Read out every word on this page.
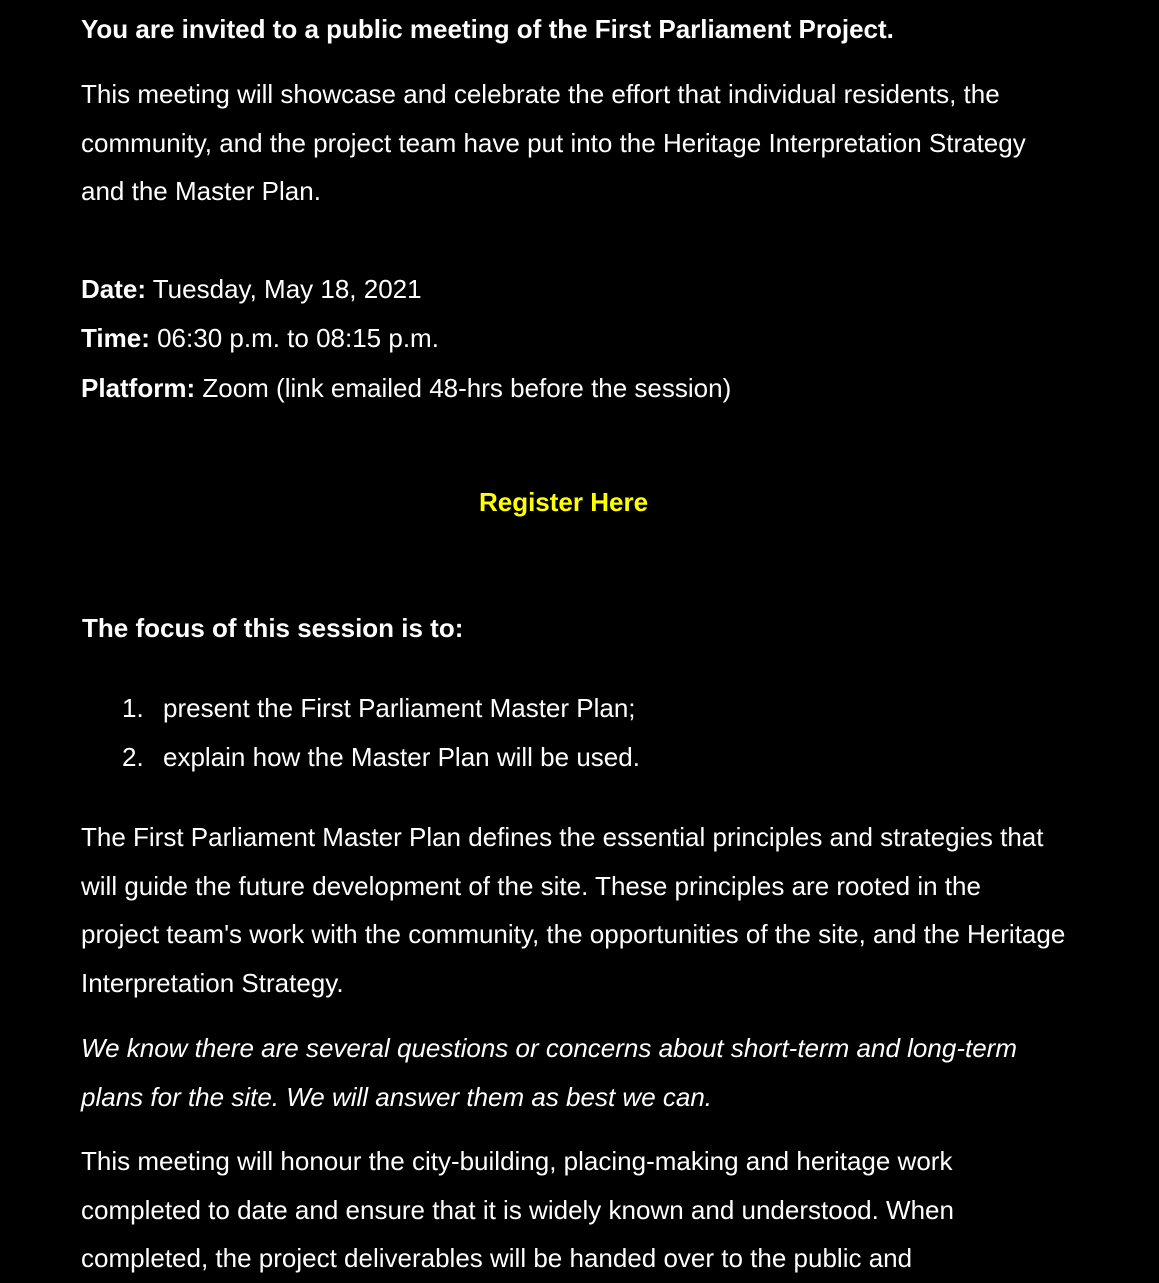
You are invited to a public meeting of the First Parliament Project.

This meeting will showcase and celebrate the effort that individual residents, the community, and the project team have put into the Heritage Interpretation Strategy and the Master Plan.

Date: Tuesday, May 18, 2021

Time: 06:30 p.m. to 08:15 p.m.

Platform: Zoom (link emailed 48-hrs before the session)

Register Here

The focus of this session is to:
1. present the First Parliament Master Plan;
2. explain how the Master Plan will be used.

The First Parliament Master Plan defines the essential principles and strategies that will guide the future development of the site. These principles are rooted in the project team's work with the community, the opportunities of the site, and the Heritage Interpretation Strategy.

We know there are several questions or concerns about short-term and long-term plans for the site. We will answer them as best we can.

This meeting will honour the city-building, placing-making and heritage work completed to date and ensure that it is widely known and understood. When completed, the project deliverables will be handed over to the public and
